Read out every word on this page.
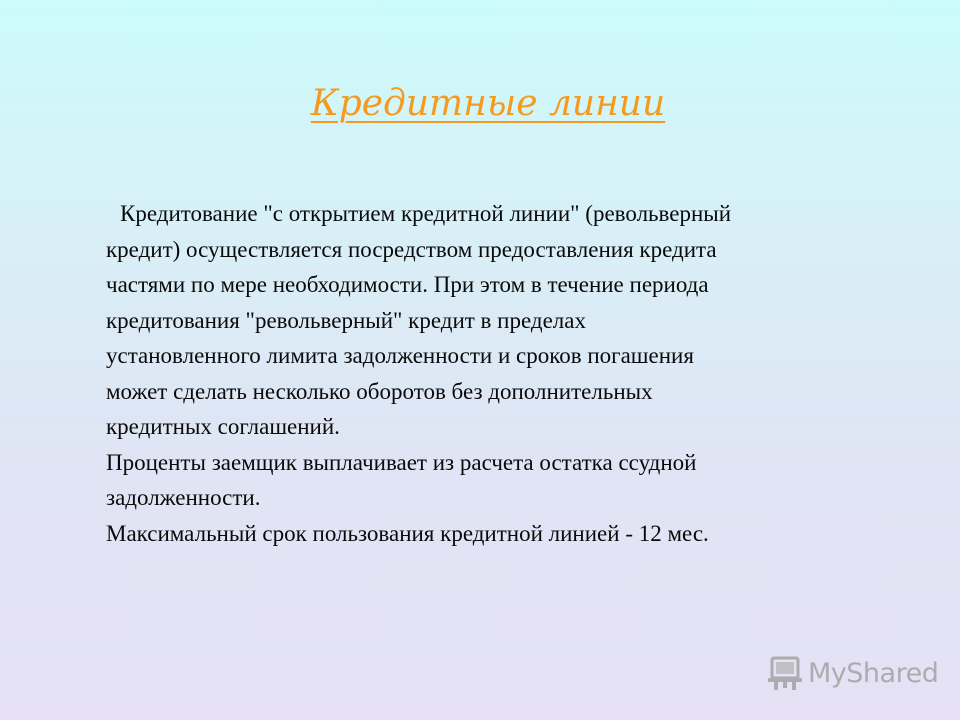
Кредитные линии
Кредитование "с открытием кредитной линии" (револьверный
кредит) осуществляется посредством предоставления кредита
частями по мере необходимости. При этом в течение периода
кредитования "револьверный" кредит в пределах
установленного лимита задолженности и сроков погашения
может сделать несколько оборотов без дополнительных
кредитных соглашений.
Проценты заемщик выплачивает из расчета остатка ссудной
задолженности.
Максимальный срок пользования кредитной линией - 12 мес.
MyShared
